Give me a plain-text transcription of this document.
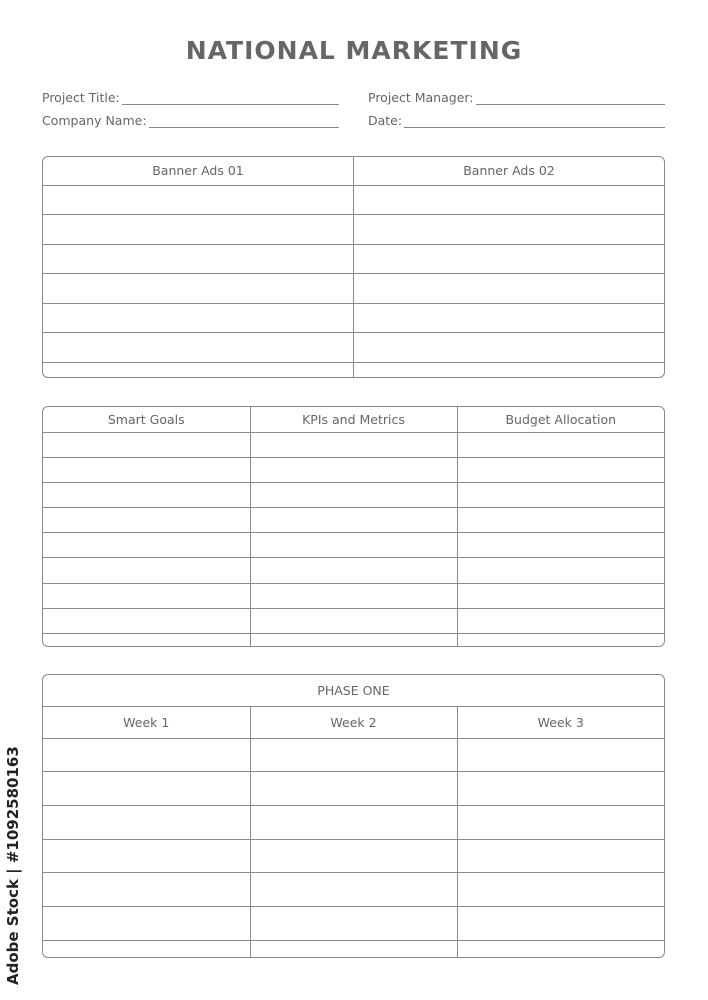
NATIONAL MARKETING
Project Title:	Project Manager:
Company Name:	Date:
Banner Ads 01	Banner Ads 02

Smart Goals	KPIs and Metrics	Budget Allocation

PHASE ONE
Week 1	Week 2	Week 3

Adobe Stock | #1092580163
